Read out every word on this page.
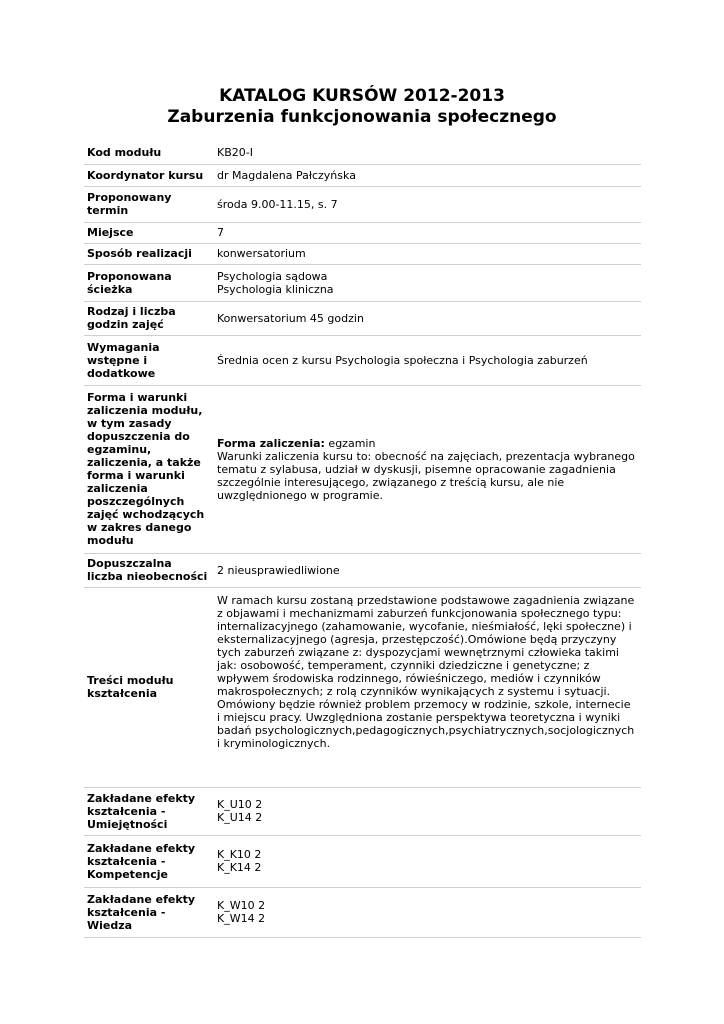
KATALOG KURSÓW 2012-2013
Zaburzenia funkcjonowania społecznego
Kod modułu	KB20-I
Koordynator kursu	dr Magdalena Pałczyńska
Proponowany termin	środa 9.00-11.15, s. 7
Miejsce	7
Sposób realizacji	konwersatorium
Proponowana ścieżka	Psychologia sądowa
Psychologia kliniczna

Rodzaj i liczba godzin zajęć	Konwersatorium 45 godzin
Wymagania wstępne i dodatkowe	Średnia ocen z kursu Psychologia społeczna i Psychologia zaburzeń
Forma i warunki zaliczenia modułu, w tym zasady dopuszczenia do egzaminu, zaliczenia, a także forma i warunki zaliczenia poszczególnych zajęć wchodzących w zakres danego modułu	Forma zaliczenia: egzamin
Warunki zaliczenia kursu to: obecność na zajęciach, prezentacja wybranego tematu z sylabusa, udział w dyskusji, pisemne opracowanie zagadnienia szczególnie interesującego, związanego z treścią kursu, ale nie uwzględnionego w programie.

Dopuszczalna liczba nieobecności	2 nieusprawiedliwione
Treści modułu kształcenia	W ramach kursu zostaną przedstawione podstawowe zagadnienia związane z objawami i mechanizmami zaburzeń funkcjonowania społecznego typu: internalizacyjnego (zahamowanie, wycofanie, nieśmiałość, lęki społeczne) i eksternalizacyjnego (agresja, przestępczość).Omówione będą przyczyny tych zaburzeń związane z: dyspozycjami wewnętrznymi człowieka takimi jak: osobowość, temperament, czynniki dziedziczne i genetyczne; z wpływem środowiska rodzinnego, rówieśniczego, mediów i czynników makrospołecznych; z rolą czynników wynikających z systemu i sytuacji. Omówiony będzie również problem przemocy w rodzinie, szkole, internecie i miejscu pracy. Uwzględniona zostanie perspektywa teoretyczna i wyniki badań psychologicznych,pedagogicznych,psychiatrycznych,socjologicznych i kryminologicznych.
Zakładane efekty kształcenia - Umiejętności	K_U10 2
K_U14 2

Zakładane efekty kształcenia - Kompetencje	K_K10 2
K_K14 2

Zakładane efekty kształcenia - Wiedza	K_W10 2
K_W14 2
